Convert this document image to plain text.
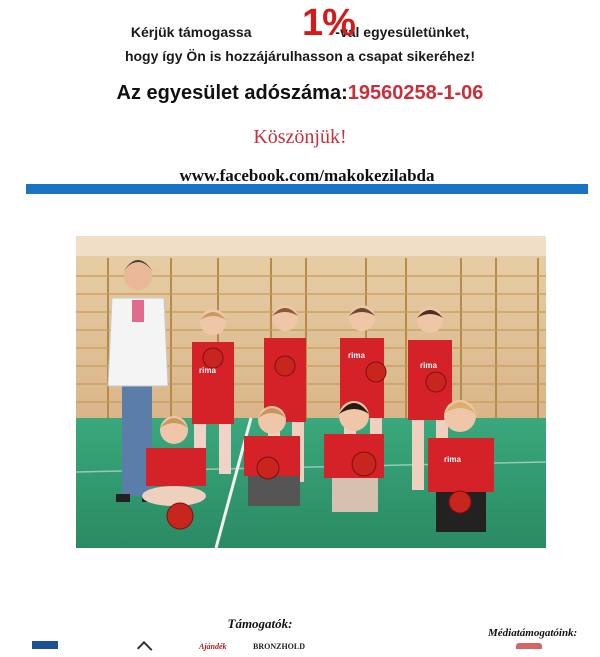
Kérjük támogassa	-val egyesületünket,
1%
hogy így Ön is hozzájárulhasson a csapat sikeréhez!
Az egyesület adószáma:19560258-1-06
Köszönjük!
www.facebook.com/makokezilabda
rima
rima
rima
rima
Támogatók:
Médiatámogatóink:
Ajándék	BRONZHOLD
